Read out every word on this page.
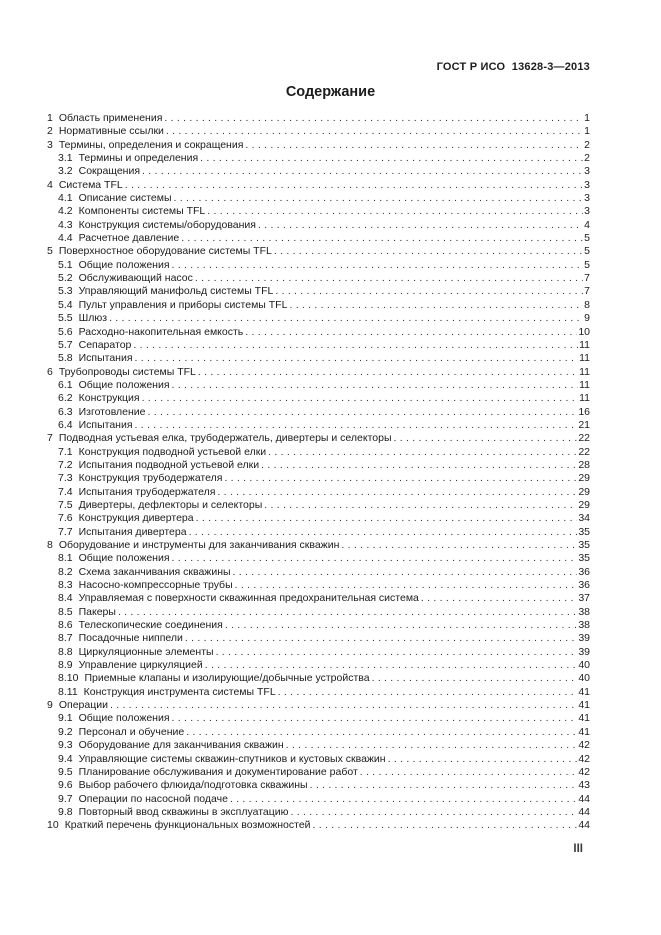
ГОСТ Р ИСО  13628-3—2013
Содержание
1 Область применения . . .	1
2 Нормативные ссылки . . .	1
3 Термины, определения и сокращения . . .	2
3.1 Термины и определения . . .	2
3.2 Сокращения . . .	3
4 Система TFL . . .	3
4.1 Описание системы . . .	3
4.2 Компоненты системы TFL . . .	3
4.3 Конструкция системы/оборудования . . .	4
4.4 Расчетное давление . . .	5
5 Поверхностное оборудование системы TFL . . .	5
5.1 Общие положения . . .	5
5.2 Обслуживающий насос . . .	7
5.3 Управляющий манифольд системы TFL . . .	7
5.4 Пульт управления и приборы системы TFL . . .	8
5.5 Шлюз . . .	9
5.6 Расходно-накопительная емкость . . .	10
5.7 Сепаратор . . .	11
5.8 Испытания . . .	11
6 Трубопроводы системы TFL . . .	11
6.1 Общие положения . . .	11
6.2 Конструкция . . .	11
6.3 Изготовление . . .	16
6.4 Испытания . . .	21
7 Подводная устьевая елка, трубодержатель, дивертеры и селекторы . . .	22
7.1 Конструкция подводной устьевой елки . . .	22
7.2 Испытания подводной устьевой елки . . .	28
7.3 Конструкция трубодержателя . . .	29
7.4 Испытания трубодержателя . . .	29
7.5 Дивертеры, дефлекторы и селекторы . . .	29
7.6 Конструкция дивертера . . .	34
7.7 Испытания дивертера . . .	35
8 Оборудование и инструменты для заканчивания скважин . . .	35
8.1 Общие положения . . .	35
8.2 Схема заканчивания скважины . . .	36
8.3 Насосно-компрессорные трубы . . .	36
8.4 Управляемая с поверхности скважинная предохранительная система . . .	37
8.5 Пакеры . . .	38
8.6 Телескопические соединения . . .	38
8.7 Посадочные ниппели . . .	39
8.8 Циркуляционные элементы . . .	39
8.9 Управление циркуляцией . . .	40
8.10 Приемные клапаны и изолирующие/добычные устройства . . .	40
8.11 Конструкция инструмента системы TFL . . .	41
9 Операции . . .	41
9.1 Общие положения . . .	41
9.2 Персонал и обучение . . .	41
9.3 Оборудование для заканчивания скважин . . .	42
9.4 Управляющие системы скважин-спутников и кустовых скважин . . .	42
9.5 Планирование обслуживания и документирование работ . . .	42
9.6 Выбор рабочего флюида/подготовка скважины . . .	43
9.7 Операции по насосной подаче . . .	44
9.8 Повторный ввод скважины в эксплуатацию . . .	44
10 Краткий перечень функциональных возможностей . . .	44
III
